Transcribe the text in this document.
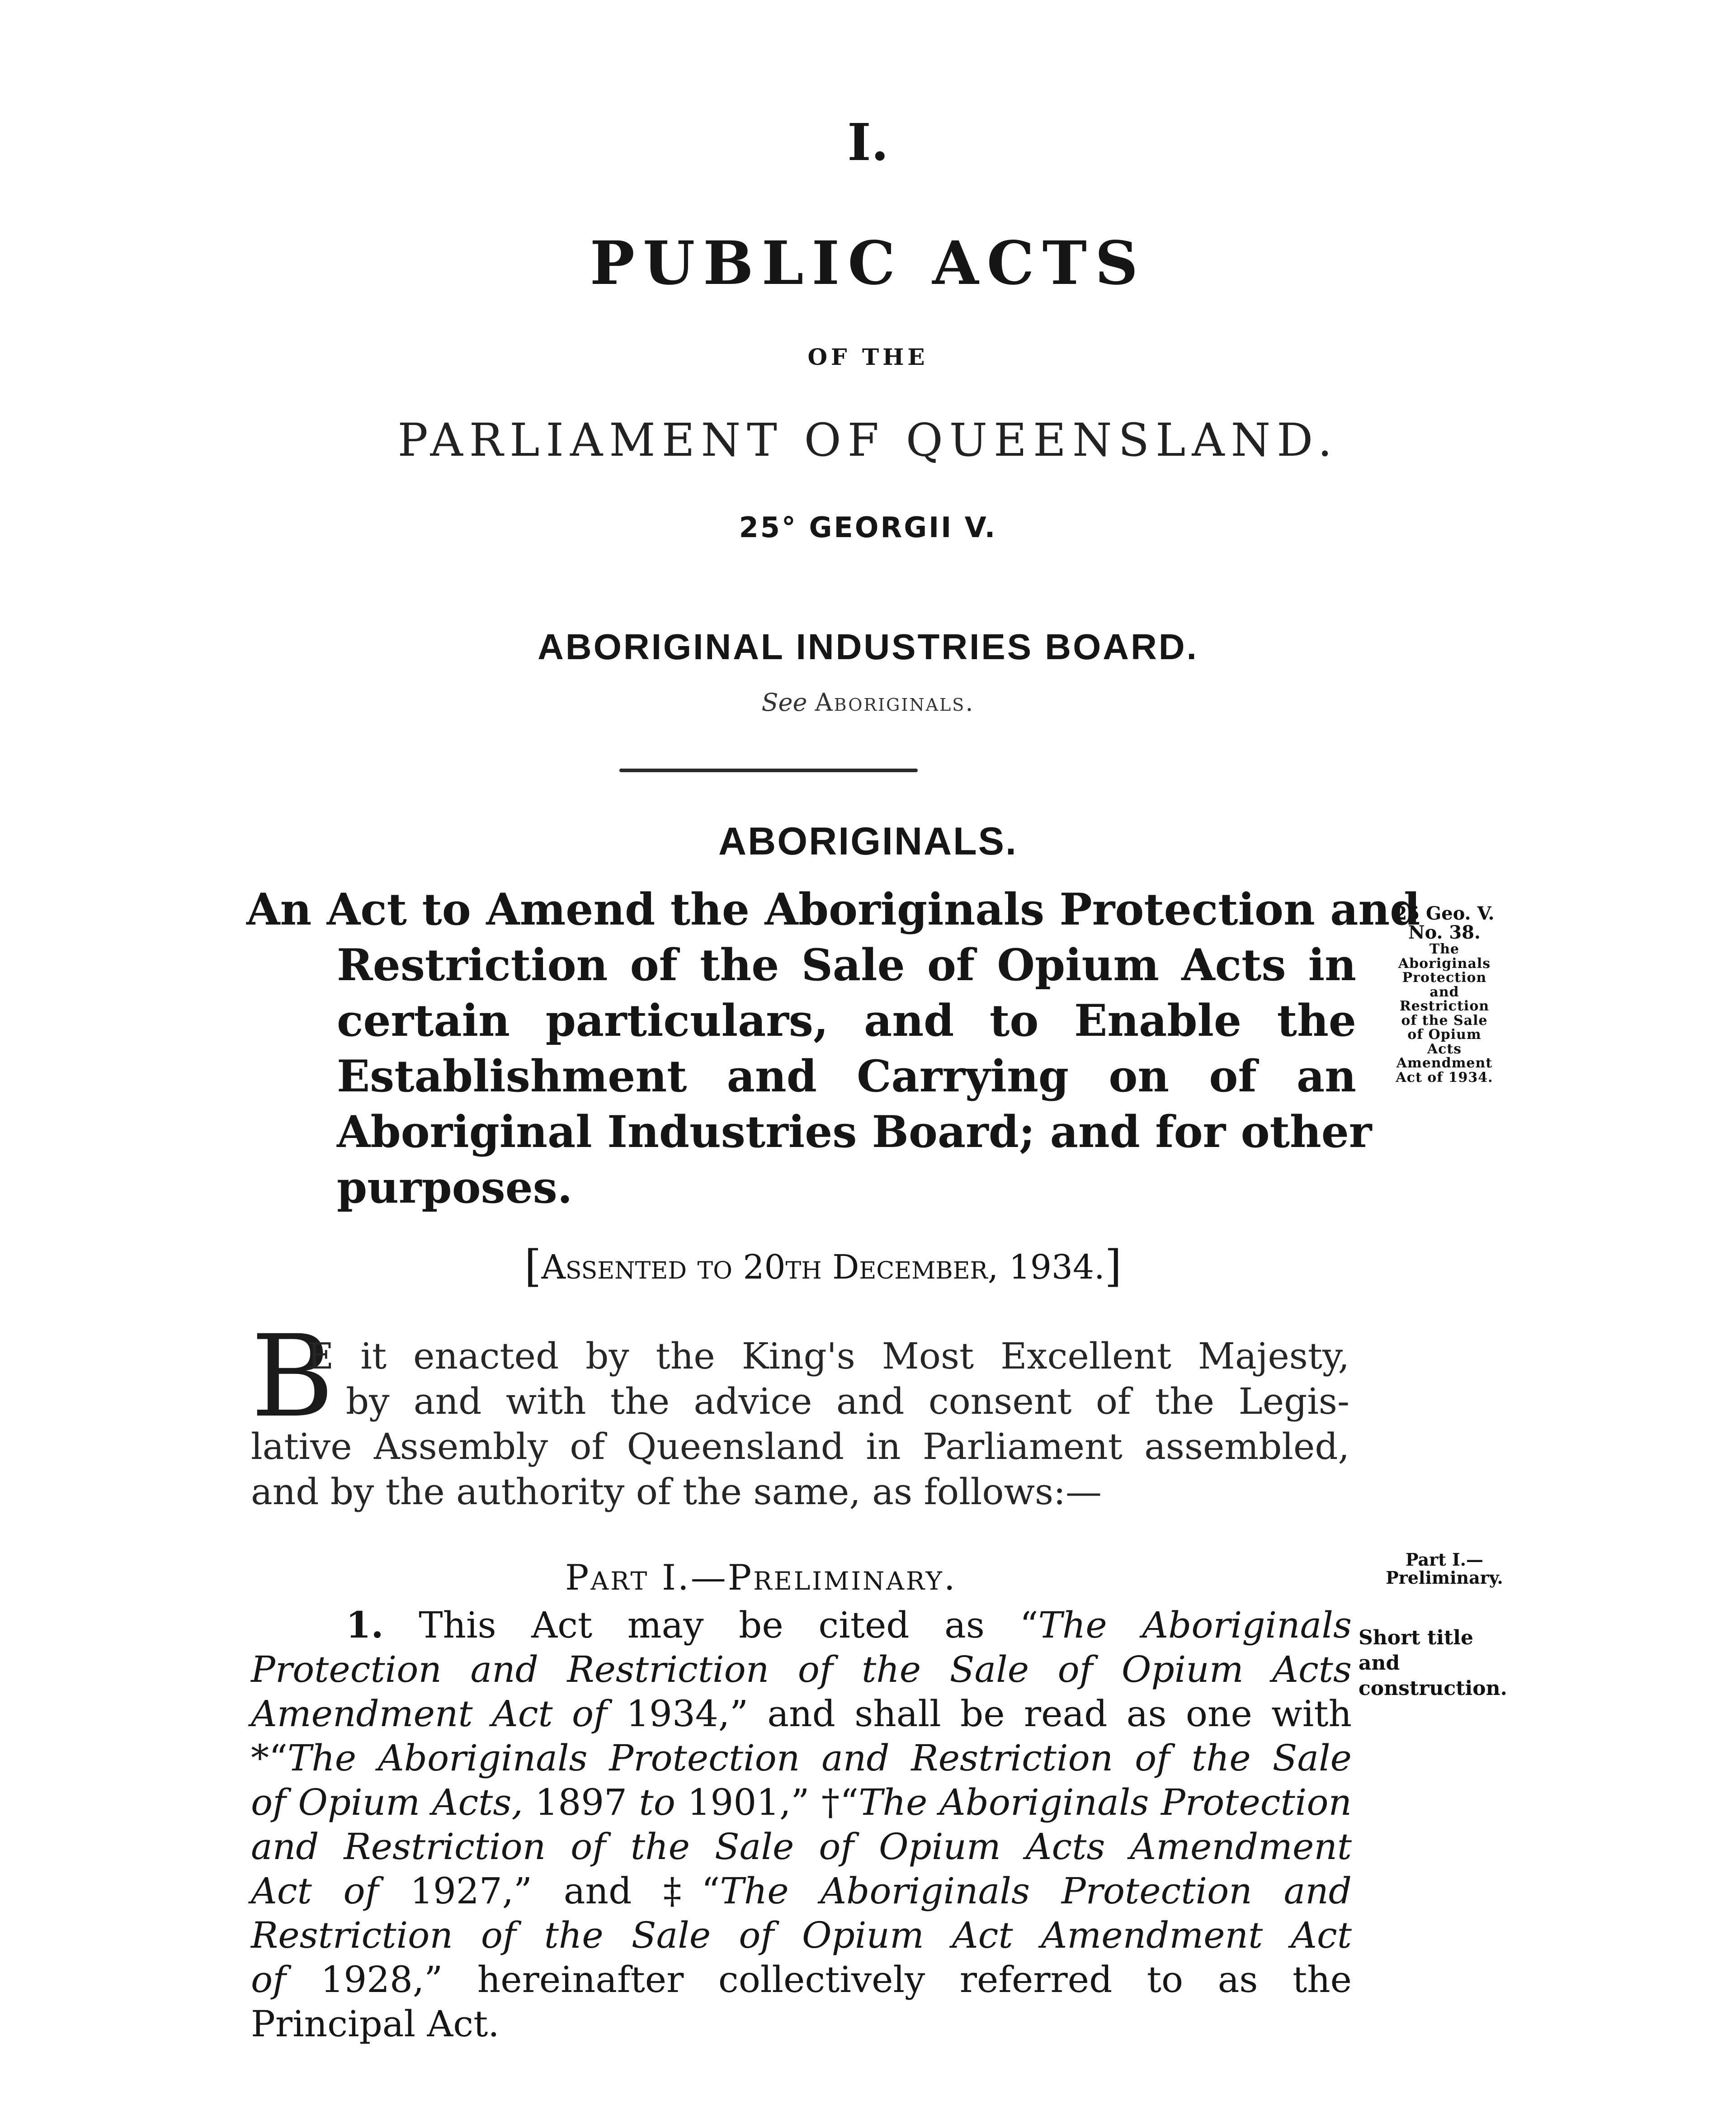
I.
PUBLIC ACTS
OF THE
PARLIAMENT OF QUEENSLAND.
25° GEORGII V.
ABORIGINAL INDUSTRIES BOARD.
See Aboriginals.
ABORIGINALS.
An Act to Amend the Aboriginals Protection and
Restriction of the Sale of Opium Acts in
certain particulars, and to Enable the
Establishment and Carrying on of an
Aboriginal Industries Board; and for other
purposes.
25 Geo. V.
No. 38.
The
Aboriginals
Protection
and
Restriction
of the Sale
of Opium
Acts
Amendment
Act of 1934.
[Assented to 20th December, 1934.]
B
E it enacted by the King's Most Excellent Majesty,
by and with the advice and consent of the Legis-
lative Assembly of Queensland in Parliament assembled,
and by the authority of the same, as follows:—
Part I.—Preliminary.	Part I.—
Preliminary.
1. This Act may be cited as “The Aboriginals
Protection and Restriction of the Sale of Opium Acts
Amendment Act of 1934,” and shall be read as one with
*“The Aboriginals Protection and Restriction of the Sale
of Opium Acts, 1897 to 1901,” †“The Aboriginals Protection
and Restriction of the Sale of Opium Acts Amendment
Act of 1927,” and ‡“The Aboriginals Protection and
Restriction of the Sale of Opium Act Amendment Act
of 1928,” hereinafter collectively referred to as the
Principal Act.
Short title
and
construction.
